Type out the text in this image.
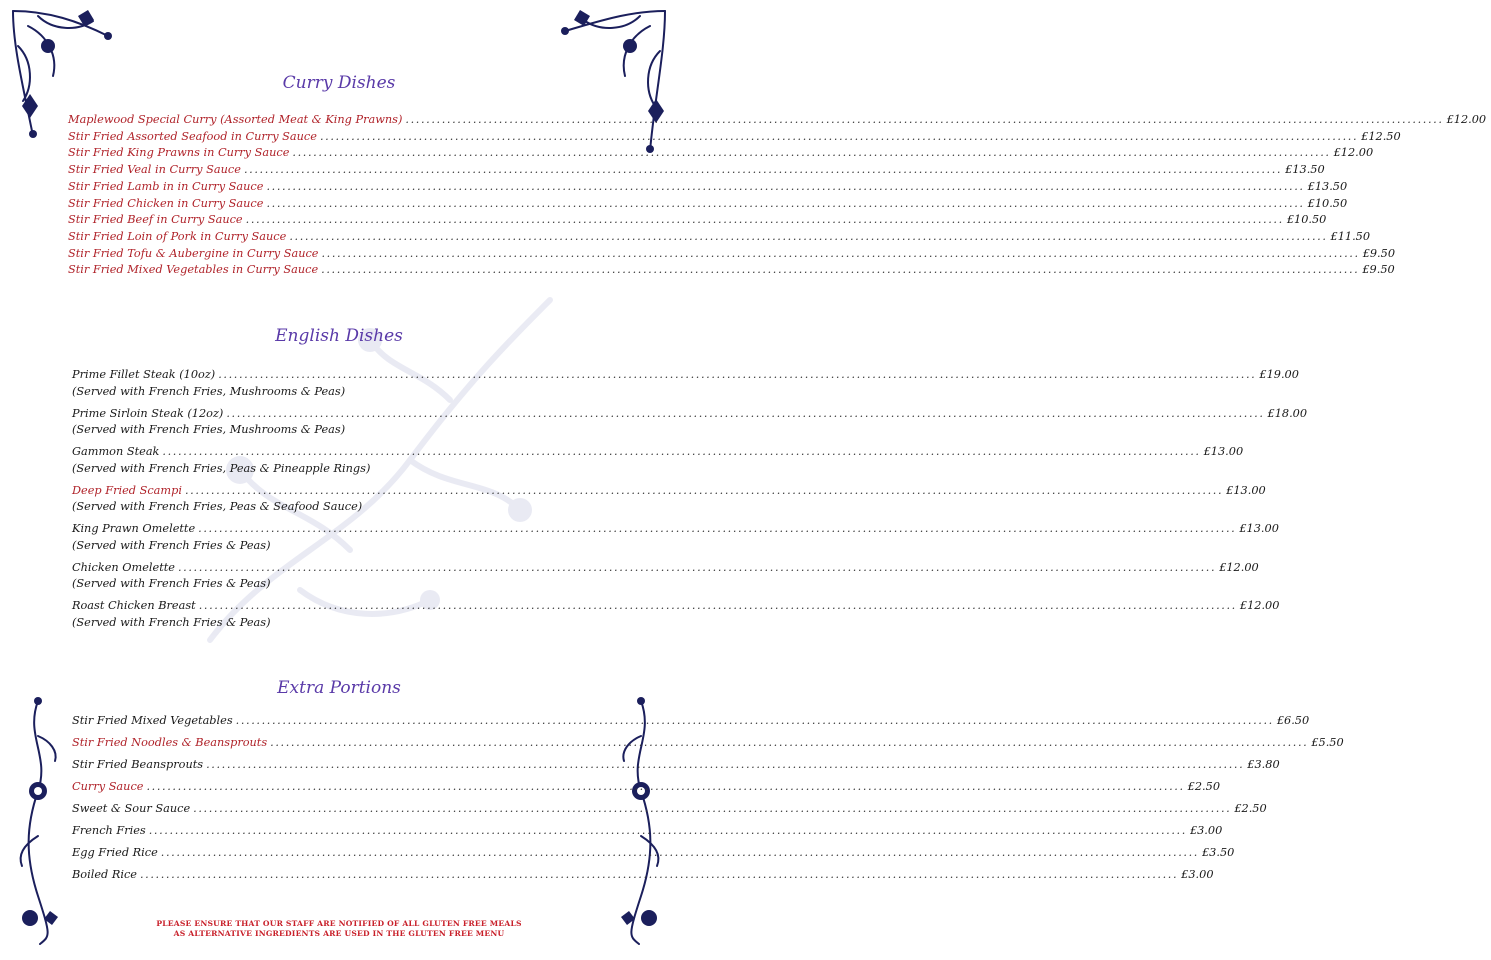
Curry Dishes
Maplewood Special Curry (Assorted Meat & King Prawns) ........................................................................................................................................................................................................ £12.00
Stir Fried Assorted Seafood in Curry Sauce ........................................................................................................................................................................................................ £12.50
Stir Fried King Prawns in Curry Sauce ........................................................................................................................................................................................................ £12.00
Stir Fried Veal in Curry Sauce ........................................................................................................................................................................................................ £13.50
Stir Fried Lamb in in Curry Sauce ........................................................................................................................................................................................................ £13.50
Stir Fried Chicken in Curry Sauce ........................................................................................................................................................................................................ £10.50
Stir Fried Beef in Curry Sauce ........................................................................................................................................................................................................ £10.50
Stir Fried Loin of Pork in Curry Sauce ........................................................................................................................................................................................................ £11.50
Stir Fried Tofu & Aubergine in Curry Sauce ........................................................................................................................................................................................................ £9.50
Stir Fried Mixed Vegetables in Curry Sauce ........................................................................................................................................................................................................ £9.50
English Dishes
Prime Fillet Steak (10oz) ........................................................................................................................................................................................................ £19.00
(Served with French Fries, Mushrooms & Peas)
Prime Sirloin Steak (12oz) ........................................................................................................................................................................................................ £18.00
(Served with French Fries, Mushrooms & Peas)
Gammon Steak ........................................................................................................................................................................................................ £13.00
(Served with French Fries, Peas & Pineapple Rings)
Deep Fried Scampi ........................................................................................................................................................................................................ £13.00
(Served with French Fries, Peas & Seafood Sauce)
King Prawn Omelette ........................................................................................................................................................................................................ £13.00
(Served with French Fries & Peas)
Chicken Omelette ........................................................................................................................................................................................................ £12.00
(Served with French Fries & Peas)
Roast Chicken Breast ........................................................................................................................................................................................................ £12.00
(Served with French Fries & Peas)
Extra Portions
Stir Fried Mixed Vegetables ........................................................................................................................................................................................................ £6.50
Stir Fried Noodles & Beansprouts ........................................................................................................................................................................................................ £5.50
Stir Fried Beansprouts ........................................................................................................................................................................................................ £3.80
Curry Sauce ........................................................................................................................................................................................................ £2.50
Sweet & Sour Sauce ........................................................................................................................................................................................................ £2.50
French Fries ........................................................................................................................................................................................................ £3.00
Egg Fried Rice ........................................................................................................................................................................................................ £3.50
Boiled Rice ........................................................................................................................................................................................................ £3.00
PLEASE ENSURE THAT OUR STAFF ARE NOTIFIED OF ALL GLUTEN FREE MEALS
AS ALTERNATIVE INGREDIENTS ARE USED IN THE GLUTEN FREE MENU
